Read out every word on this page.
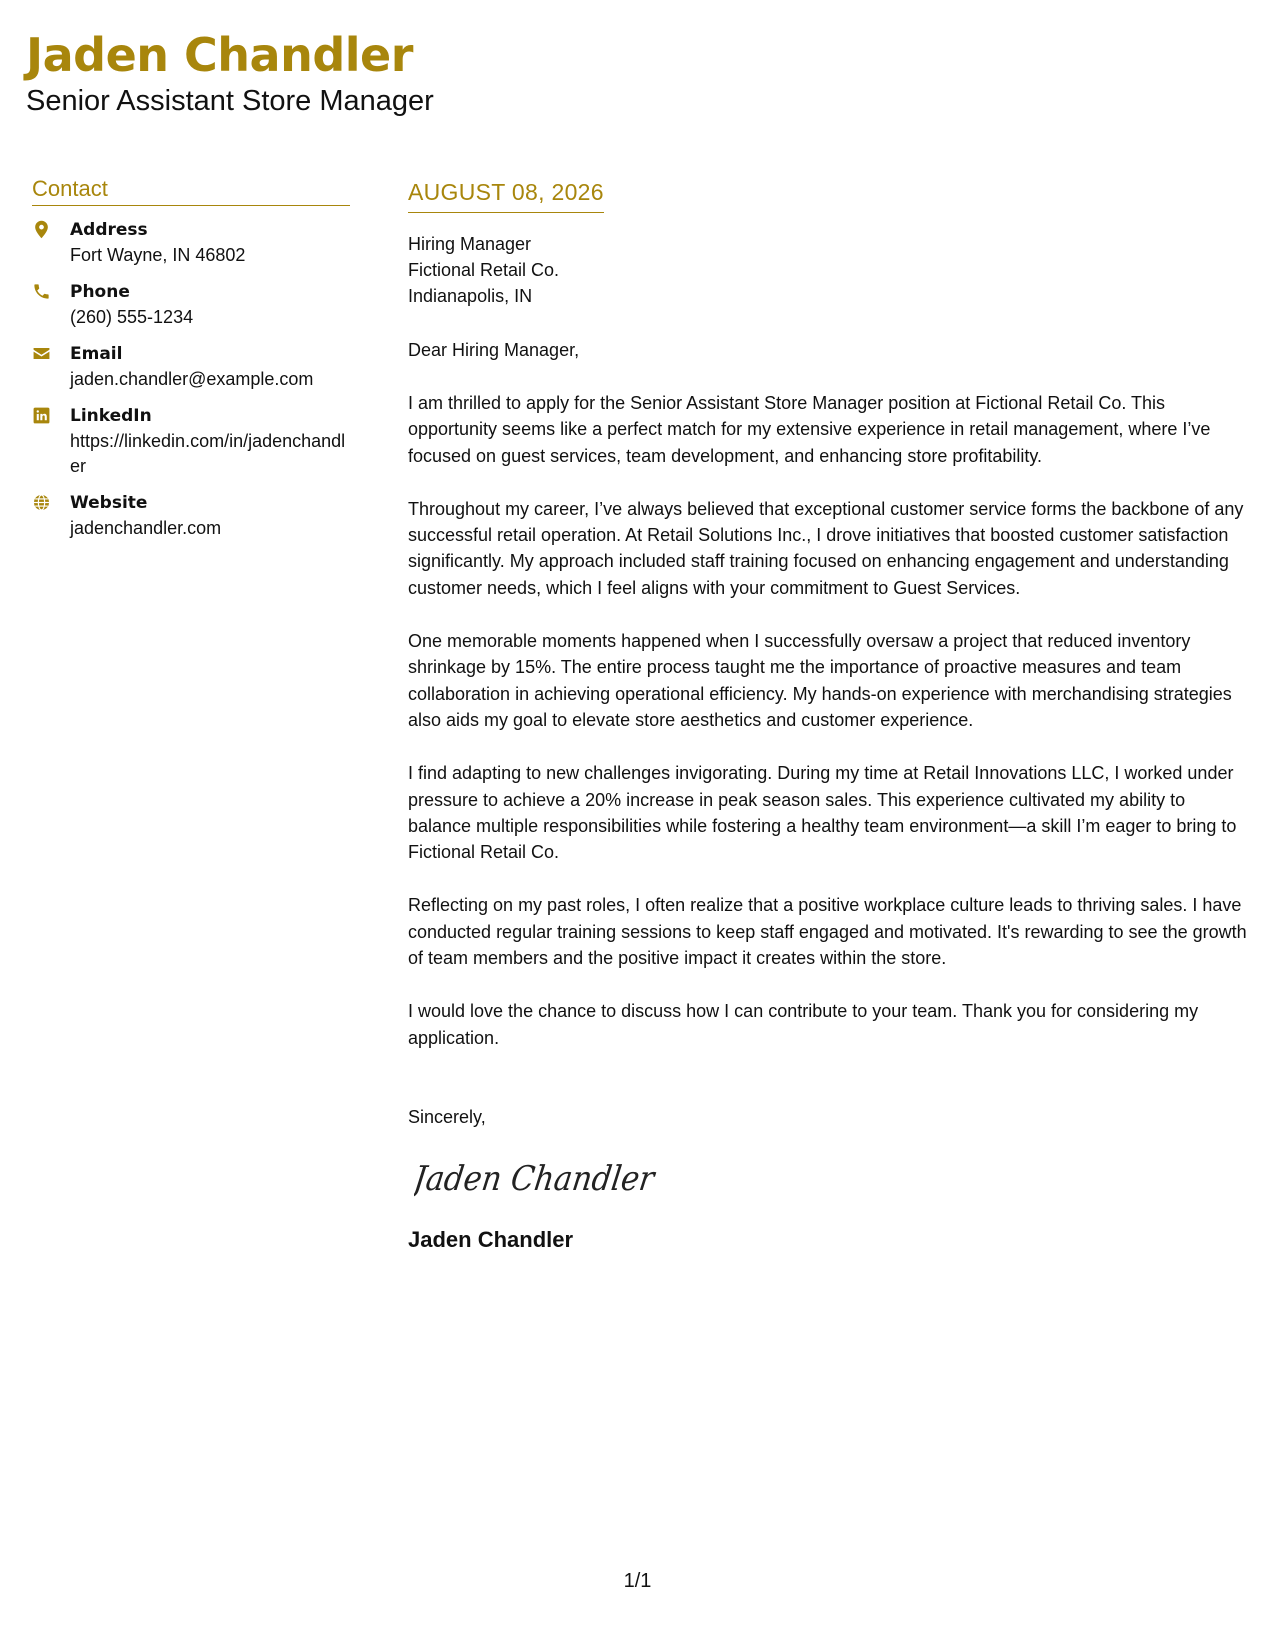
Jaden Chandler

Senior Assistant Store Manager

Contact
Address
Fort Wayne, IN 46802
Phone
(260) 555-1234
Email
jaden.chandler@example.com
LinkedIn
https://linkedin.com/in/jadenchandler
Website
jadenchandler.com
AUGUST 08, 2026
Hiring Manager
Fictional Retail Co.
Indianapolis, IN
Dear Hiring Manager,

I am thrilled to apply for the Senior Assistant Store Manager position at Fictional Retail Co. This opportunity seems like a perfect match for my extensive experience in retail management, where I’ve focused on guest services, team development, and enhancing store profitability.

Throughout my career, I’ve always believed that exceptional customer service forms the backbone of any successful retail operation. At Retail Solutions Inc., I drove initiatives that boosted customer satisfaction significantly. My approach included staff training focused on enhancing engagement and understanding customer needs, which I feel aligns with your commitment to Guest Services.

One memorable moments happened when I successfully oversaw a project that reduced inventory shrinkage by 15%. The entire process taught me the importance of proactive measures and team collaboration in achieving operational efficiency. My hands-on experience with merchandising strategies also aids my goal to elevate store aesthetics and customer experience.

I find adapting to new challenges invigorating. During my time at Retail Innovations LLC, I worked under pressure to achieve a 20% increase in peak season sales. This experience cultivated my ability to balance multiple responsibilities while fostering a healthy team environment—a skill I’m eager to bring to Fictional Retail Co.

Reflecting on my past roles, I often realize that a positive workplace culture leads to thriving sales. I have conducted regular training sessions to keep staff engaged and motivated. It's rewarding to see the growth of team members and the positive impact it creates within the store.

I would love the chance to discuss how I can contribute to your team. Thank you for considering my application.

Sincerely,
Jaden Chandler
Jaden Chandler
1/1
